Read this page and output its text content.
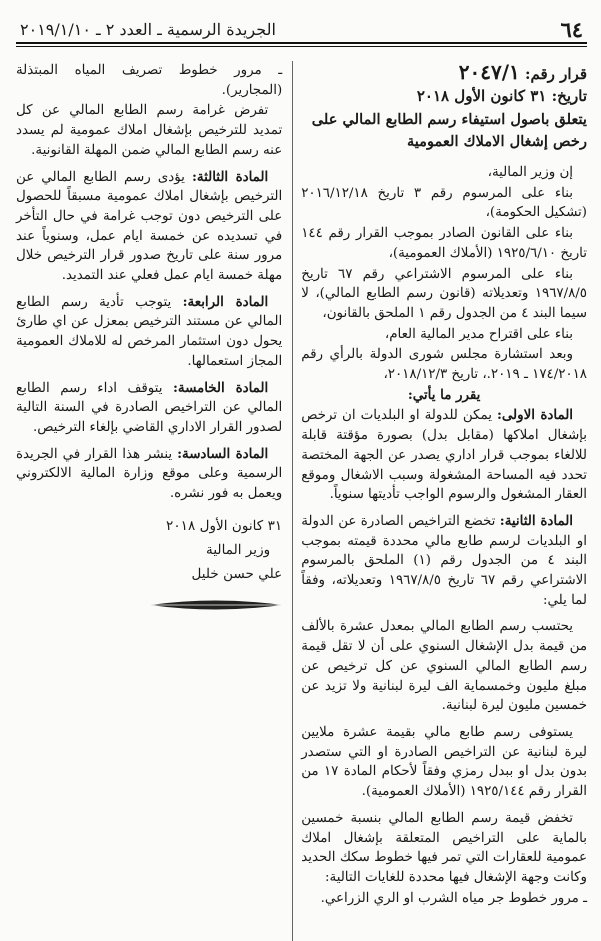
٦٤
الجريدة الرسمية ـ العدد ٢ ـ ٢٠١٩/١/١٠

قرار رقم: ٢٠٤٧/١

تاريخ: ٣١ كانون الأول ٢٠١٨

يتعلق باصول استيفاء رسم الطابع المالي على رخص إشغال الاملاك العمومية

إن وزير المالية،

بناء على المرسوم رقم ٣ تاريخ ٢٠١٦/١٢/١٨ (تشكيل الحكومة)،

بناء على القانون الصادر بموجب القرار رقم ١٤٤ تاريخ ١٩٢٥/٦/١٠ (الأملاك العمومية)،

بناء على المرسوم الاشتراعي رقم ٦٧ تاريخ ١٩٦٧/٨/٥ وتعديلاته (قانون رسم الطابع المالي)، لا سيما البند ٤ من الجدول رقم ١ الملحق بالقانون،

بناء على اقتراح مدير المالية العام،

وبعد استشارة مجلس شورى الدولة بالرأي رقم ١٧٤/٢٠١٨ ـ ٢٠١٩.، تاريخ ٢٠١٨/١٢/٣،

يقرر ما يأتي:

المادة الاولى: يمكن للدولة او البلديات ان ترخص بإشغال املاكها (مقابل بدل) بصورة مؤقتة قابلة للالغاء بموجب قرار اداري يصدر عن الجهة المختصة تحدد فيه المساحة المشغولة وسبب الاشغال وموقع العقار المشغول والرسوم الواجب تأديتها سنوياً.

المادة الثانية: تخضع التراخيص الصادرة عن الدولة او البلديات لرسم طابع مالي محددة قيمته بموجب البند ٤ من الجدول رقم (١) الملحق بالمرسوم الاشتراعي رقم ٦٧ تاريخ ١٩٦٧/٨/٥ وتعديلاته، وفقاً لما يلي:

يحتسب رسم الطابع المالي بمعدل عشرة بالألف من قيمة بدل الإشغال السنوي على أن لا تقل قيمة رسم الطابع المالي السنوي عن كل ترخيص عن مبلغ مليون وخمسماية الف ليرة لبنانية ولا تزيد عن خمسين مليون ليرة لبنانية.

يستوفى رسم طابع مالي بقيمة عشرة ملايين ليرة لبنانية عن التراخيص الصادرة او التي ستصدر بدون بدل او ببدل رمزي وفقاً لأحكام المادة ١٧ من القرار رقم ١٩٢٥/١٤٤ (الأملاك العمومية).

تخفض قيمة رسم الطابع المالي بنسبة خمسين بالماية على التراخيص المتعلقة بإشغال املاك عمومية للعقارات التي تمر فيها خطوط سكك الحديد وكانت وجهة الإشغال فيها محددة للغايات التالية:

ـ مرور خطوط جر مياه الشرب او الري الزراعي.

ـ مرور خطوط تصريف المياه المبتذلة (المجارير).

تفرض غرامة رسم الطابع المالي عن كل تمديد للترخيص بإشغال املاك عمومية لم يسدد عنه رسم الطابع المالي ضمن المهلة القانونية.

المادة الثالثة: يؤدى رسم الطابع المالي عن الترخيص بإشغال املاك عمومية مسبقاً للحصول على الترخيص دون توجب غرامة في حال التأخر في تسديده عن خمسة ايام عمل، وسنوياً عند مرور سنة على تاريخ صدور قرار الترخيص خلال مهلة خمسة ايام عمل فعلي عند التمديد.

المادة الرابعة: يتوجب تأدية رسم الطابع المالي عن مستند الترخيص بمعزل عن اي طارئ يحول دون استثمار المرخص له للاملاك العمومية المجاز استعمالها.

المادة الخامسة: يتوقف اداء رسم الطابع المالي عن التراخيص الصادرة في السنة التالية لصدور القرار الاداري القاضي بإلغاء الترخيص.

المادة السادسة: ينشر هذا القرار في الجريدة الرسمية وعلى موقع وزارة المالية الالكتروني ويعمل به فور نشره.

٣١ كانون الأول ٢٠١٨
وزير المالية
علي حسن خليل
